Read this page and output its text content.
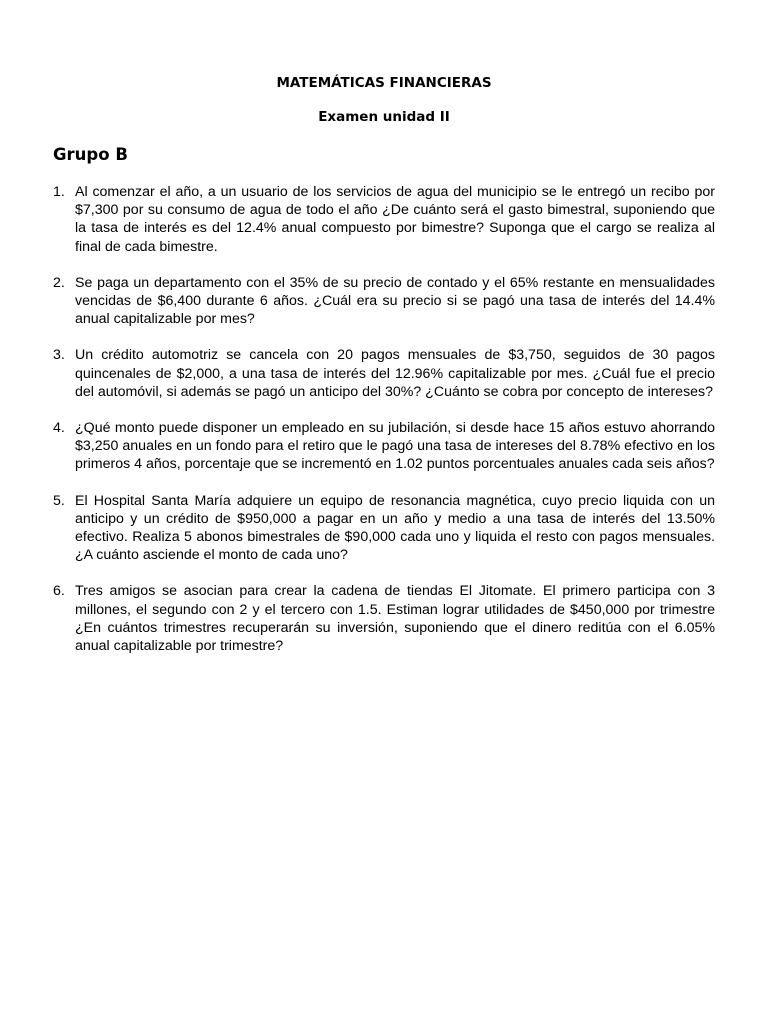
MATEMÁTICAS FINANCIERAS
Examen unidad II
Grupo B
1. Al comenzar el año, a un usuario de los servicios de agua del municipio se le entregó un recibo por $7,300 por su consumo de agua de todo el año ¿De cuánto será el gasto bimestral, suponiendo que la tasa de interés es del 12.4% anual compuesto por bimestre? Suponga que el cargo se realiza al final de cada bimestre.
2. Se paga un departamento con el 35% de su precio de contado y el 65% restante en mensualidades vencidas de $6,400 durante 6 años. ¿Cuál era su precio si se pagó una tasa de interés del 14.4% anual capitalizable por mes?
3. Un crédito automotriz se cancela con 20 pagos mensuales de $3,750, seguidos de 30 pagos quincenales de $2,000, a una tasa de interés del 12.96% capitalizable por mes. ¿Cuál fue el precio del automóvil, si además se pagó un anticipo del 30%? ¿Cuánto se cobra por concepto de intereses?
4. ¿Qué monto puede disponer un empleado en su jubilación, si desde hace 15 años estuvo ahorrando $3,250 anuales en un fondo para el retiro que le pagó una tasa de intereses del 8.78% efectivo en los primeros 4 años, porcentaje que se incrementó en 1.02 puntos porcentuales anuales cada seis años?
5. El Hospital Santa María adquiere un equipo de resonancia magnética, cuyo precio liquida con un anticipo y un crédito de $950,000 a pagar en un año y medio a una tasa de interés del 13.50% efectivo. Realiza 5 abonos bimestrales de $90,000 cada uno y liquida el resto con pagos mensuales. ¿A cuánto asciende el monto de cada uno?
6. Tres amigos se asocian para crear la cadena de tiendas El Jitomate. El primero participa con 3 millones, el segundo con 2 y el tercero con 1.5. Estiman lograr utilidades de $450,000 por trimestre ¿En cuántos trimestres recuperarán su inversión, suponiendo que el dinero reditúa con el 6.05% anual capitalizable por trimestre?
